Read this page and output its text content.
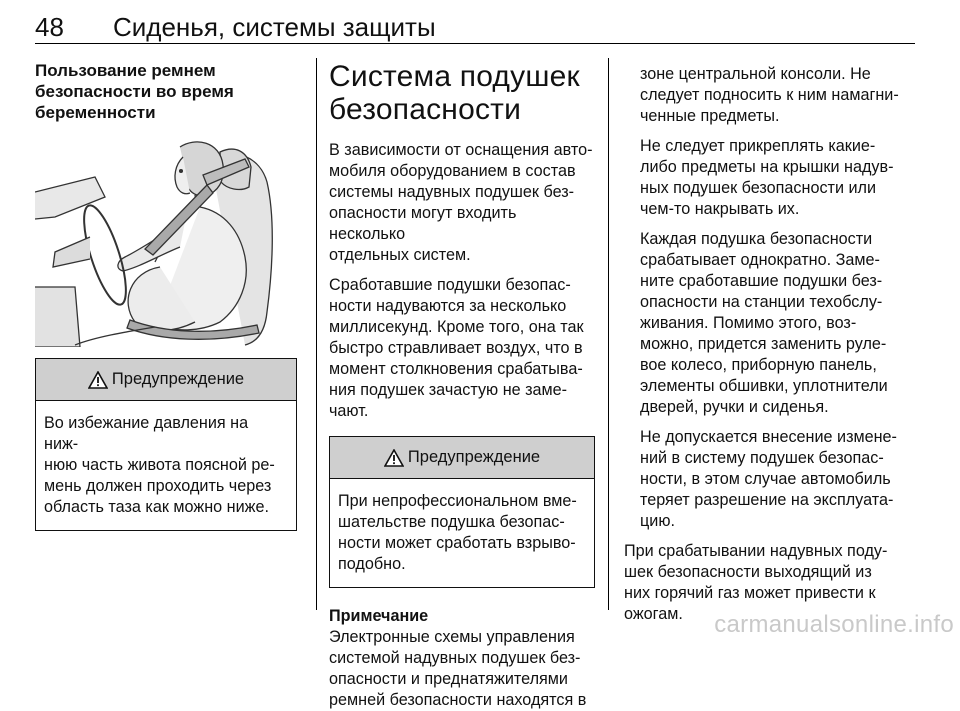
48 Сиденья, системы защиты
Пользование ремнем
безопасности во время
беременности
Предупреждение

Во избежание давления на ниж-

нюю часть живота поясной ре-

мень должен проходить через

область таза как можно ниже.

Система подушек
безопасности

В зависимости от оснащения авто-

мобиля оборудованием в состав

системы надувных подушек без-

опасности могут входить несколько

отдельных систем.

Сработавшие подушки безопас-

ности надуваются за несколько

миллисекунд. Кроме того, она так

быстро стравливает воздух, что в

момент столкновения срабатыва-

ния подушек зачастую не заме-

чают.

Предупреждение

При непрофессиональном вме-

шательстве подушка безопас-

ности может сработать взрыво-

подобно.

Примечание

Электронные схемы управления

системой надувных подушек без-

опасности и преднатяжителями

ремней безопасности находятся в

зоне центральной консоли. Не

следует подносить к ним намагни-

ченные предметы.

Не следует прикреплять какие-

либо предметы на крышки надув-

ных подушек безопасности или

чем-то накрывать их.

Каждая подушка безопасности

срабатывает однократно. Заме-

ните сработавшие подушки без-

опасности на станции техобслу-

живания. Помимо этого, воз-

можно, придется заменить руле-

вое колесо, приборную панель,

элементы обшивки, уплотнители

дверей, ручки и сиденья.

Не допускается внесение измене-

ний в систему подушек безопас-

ности, в этом случае автомобиль

теряет разрешение на эксплуата-

цию.

При срабатывании надувных поду-

шек безопасности выходящий из

них горячий газ может привести к

ожогам.	carmanualsonline.info
